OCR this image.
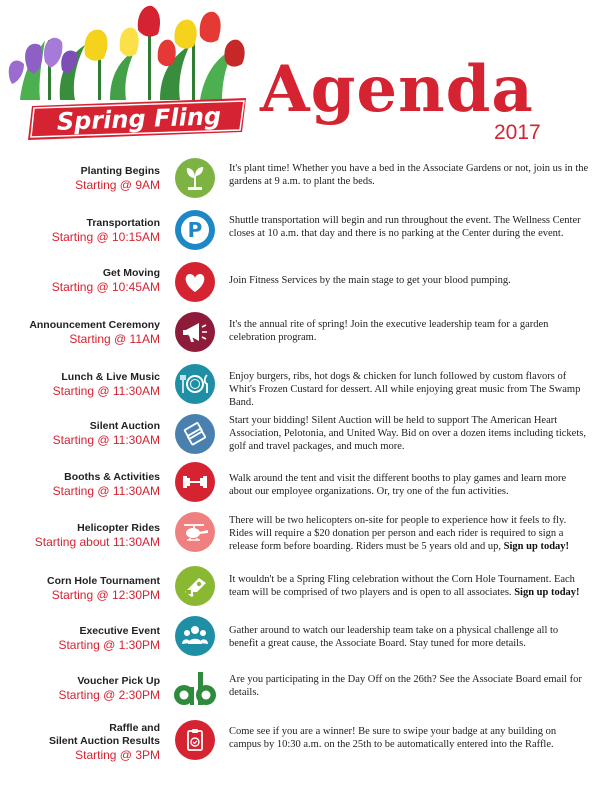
Spring Fling Agenda
2017
Planting Begins
Starting @ 9AM
It's plant time! Whether you have a bed in the Associate Gardens or not, join us in the gardens at 9 a.m. to plant the beds.
Transportation
Starting @ 10:15AM P	Shuttle transportation will begin and run throughout the event. The Wellness Center closes at 10 a.m. that day and there is no parking at the Center during the event.
Get Moving
Starting @ 10:45AM	Join Fitness Services by the main stage to get your blood pumping.
Announcement Ceremony
Starting @ 11AM
It's the annual rite of spring! Join the executive leadership team for a garden celebration program.
Lunch & Live Music
Starting @ 11:30AM
Enjoy burgers, ribs, hot dogs & chicken for lunch followed by custom flavors of Whit's Frozen Custard for dessert. All while enjoying great music from The Swamp Band.
Silent Auction
Starting @ 11:30AM
Start your bidding! Silent Auction will be held to support The American Heart Association, Pelotonia, and United Way. Bid on over a dozen items including tickets, golf and travel packages, and much more.
Booths & Activities
Starting @ 11:30AM
Walk around the tent and visit the different booths to play games and learn more about our employee organizations. Or, try one of the fun activities.
Helicopter Rides
Starting about 11:30AM
There will be two helicopters on-site for people to experience how it feels to fly. Rides will require a $20 donation per person and each rider is required to sign a release form before boarding. Riders must be 5 years old and up, Sign up today!
Corn Hole Tournament
Starting @ 12:30PM
It wouldn't be a Spring Fling celebration without the Corn Hole Tournament. Each team will be comprised of two players and is open to all associates. Sign up today!
Executive Event
Starting @ 1:30PM
Gather around to watch our leadership team take on a physical challenge all to benefit a great cause, the Associate Board. Stay tuned for more details.
Voucher Pick Up
Starting @ 2:30PM
Are you participating in the Day Off on the 26th? See the Associate Board email for details.
Raffle and
Silent Auction Results
Starting @ 3PM
Come see if you are a winner! Be sure to swipe your badge at any building on campus by 10:30 a.m. on the 25th to be automatically entered into the Raffle.
